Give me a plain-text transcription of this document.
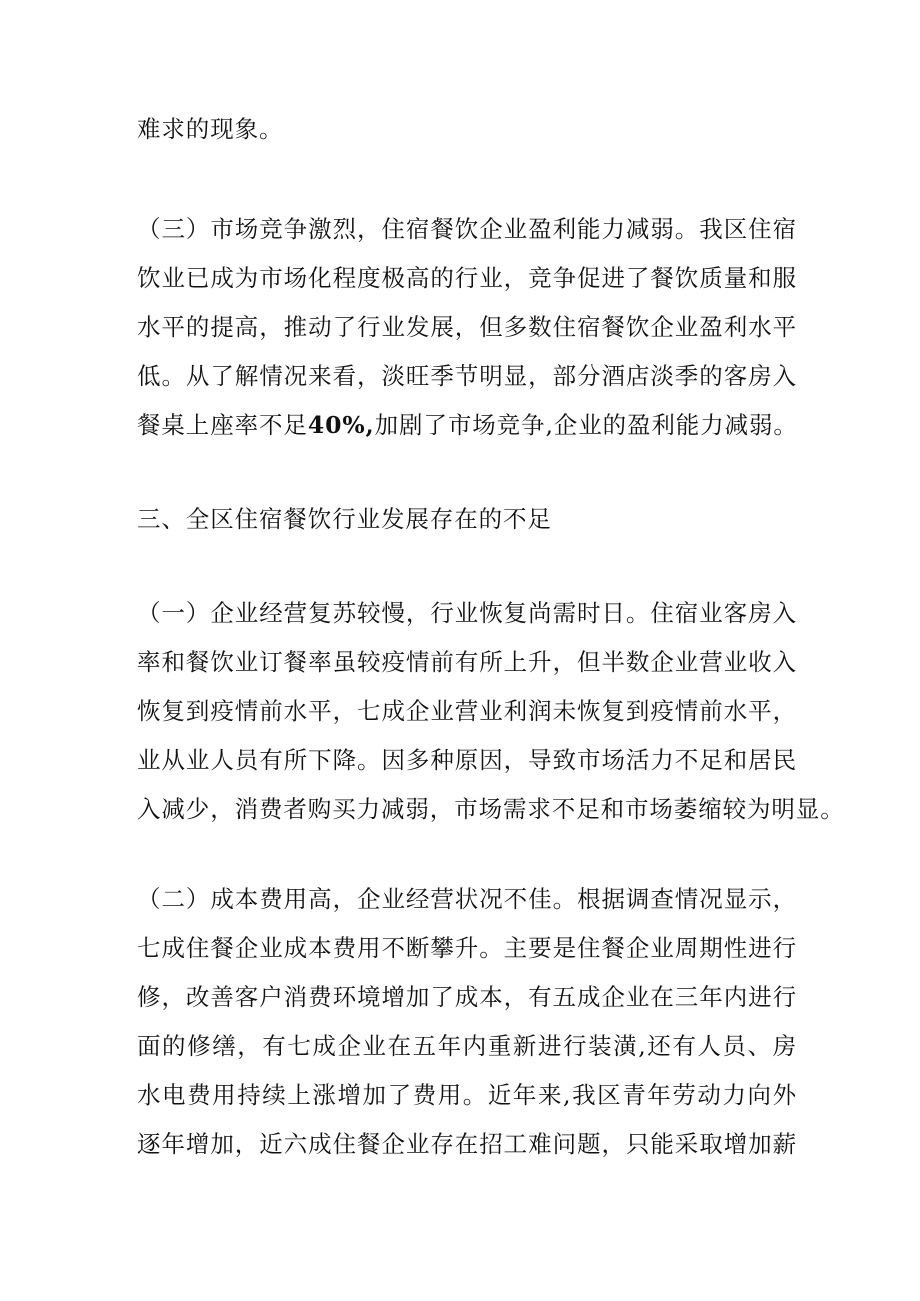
难求的现象。
（三）市场竞争激烈，住宿餐饮企业盈利能力减弱。我区住宿
饮业已成为市场化程度极高的行业，竞争促进了餐饮质量和服
水平的提高，推动了行业发展，但多数住宿餐饮企业盈利水平
低。从了解情况来看，淡旺季节明显，部分酒店淡季的客房入
餐桌上座率不足40%,加剧了市场竞争,企业的盈利能力减弱。
三、全区住宿餐饮行业发展存在的不足
（一）企业经营复苏较慢，行业恢复尚需时日。住宿业客房入
率和餐饮业订餐率虽较疫情前有所上升，但半数企业营业收入
恢复到疫情前水平，七成企业营业利润未恢复到疫情前水平，
业从业人员有所下降。因多种原因，导致市场活力不足和居民
入减少，消费者购买力减弱，市场需求不足和市场萎缩较为明显。
（二）成本费用高，企业经营状况不佳。根据调查情况显示，
七成住餐企业成本费用不断攀升。主要是住餐企业周期性进行
修，改善客户消费环境增加了成本，有五成企业在三年内进行
面的修缮，有七成企业在五年内重新进行装潢,还有人员、房
水电费用持续上涨增加了费用。近年来,我区青年劳动力向外
逐年增加，近六成住餐企业存在招工难问题，只能采取增加薪
